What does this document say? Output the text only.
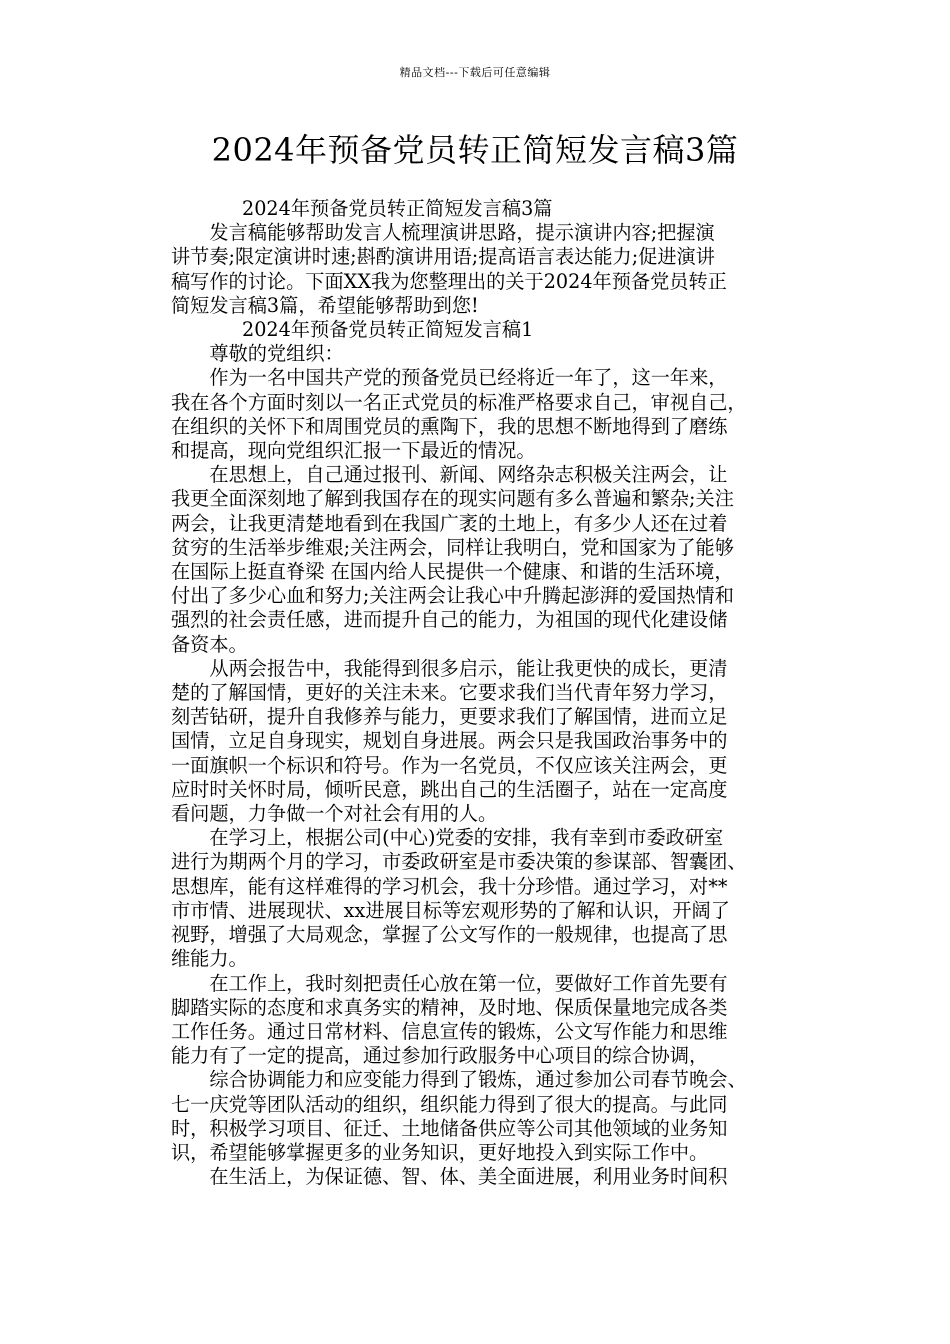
精品文档---下载后可任意编辑
2024年预备党员转正简短发言稿3篇

2024年预备党员转正简短发言稿3篇

发言稿能够帮助发言人梳理演讲思路，提示演讲内容;把握演

讲节奏;限定演讲时速;斟酌演讲用语;提高语言表达能力;促进演讲

稿写作的讨论。下面XX我为您整理出的关于2024年预备党员转正

简短发言稿3篇，希望能够帮助到您!

2024年预备党员转正简短发言稿1

尊敬的党组织：

作为一名中国共产党的预备党员已经将近一年了，这一年来，

我在各个方面时刻以一名正式党员的标准严格要求自己，审视自己，

在组织的关怀下和周围党员的熏陶下，我的思想不断地得到了磨练

和提高，现向党组织汇报一下最近的情况。

在思想上，自己通过报刊、新闻、网络杂志积极关注两会，让

我更全面深刻地了解到我国存在的现实问题有多么普遍和繁杂;关注

两会，让我更清楚地看到在我国广袤的土地上，有多少人还在过着

贫穷的生活举步维艰;关注两会，同样让我明白，党和国家为了能够

在国际上挺直脊梁 在国内给人民提供一个健康、和谐的生活环境，

付出了多少心血和努力;关注两会让我心中升腾起澎湃的爱国热情和

强烈的社会责任感，进而提升自己的能力，为祖国的现代化建设储

备资本。

从两会报告中，我能得到很多启示，能让我更快的成长，更清

楚的了解国情，更好的关注未来。它要求我们当代青年努力学习，

刻苦钻研，提升自我修养与能力，更要求我们了解国情，进而立足

国情，立足自身现实，规划自身进展。两会只是我国政治事务中的

一面旗帜一个标识和符号。作为一名党员，不仅应该关注两会，更

应时时关怀时局，倾听民意，跳出自己的生活圈子，站在一定高度

看问题，力争做一个对社会有用的人。

在学习上，根据公司(中心)党委的安排，我有幸到市委政研室

进行为期两个月的学习，市委政研室是市委决策的参谋部、智囊团、

思想库，能有这样难得的学习机会，我十分珍惜。通过学习，对**

市市情、进展现状、xx进展目标等宏观形势的了解和认识，开阔了

视野，增强了大局观念，掌握了公文写作的一般规律，也提高了思

维能力。

在工作上，我时刻把责任心放在第一位，要做好工作首先要有

脚踏实际的态度和求真务实的精神，及时地、保质保量地完成各类

工作任务。通过日常材料、信息宣传的锻炼，公文写作能力和思维

能力有了一定的提高，通过参加行政服务中心项目的综合协调，

综合协调能力和应变能力得到了锻炼，通过参加公司春节晚会、

七一庆党等团队活动的组织，组织能力得到了很大的提高。与此同

时，积极学习项目、征迁、土地储备供应等公司其他领域的业务知

识，希望能够掌握更多的业务知识，更好地投入到实际工作中。

在生活上，为保证德、智、体、美全面进展，利用业务时间积
